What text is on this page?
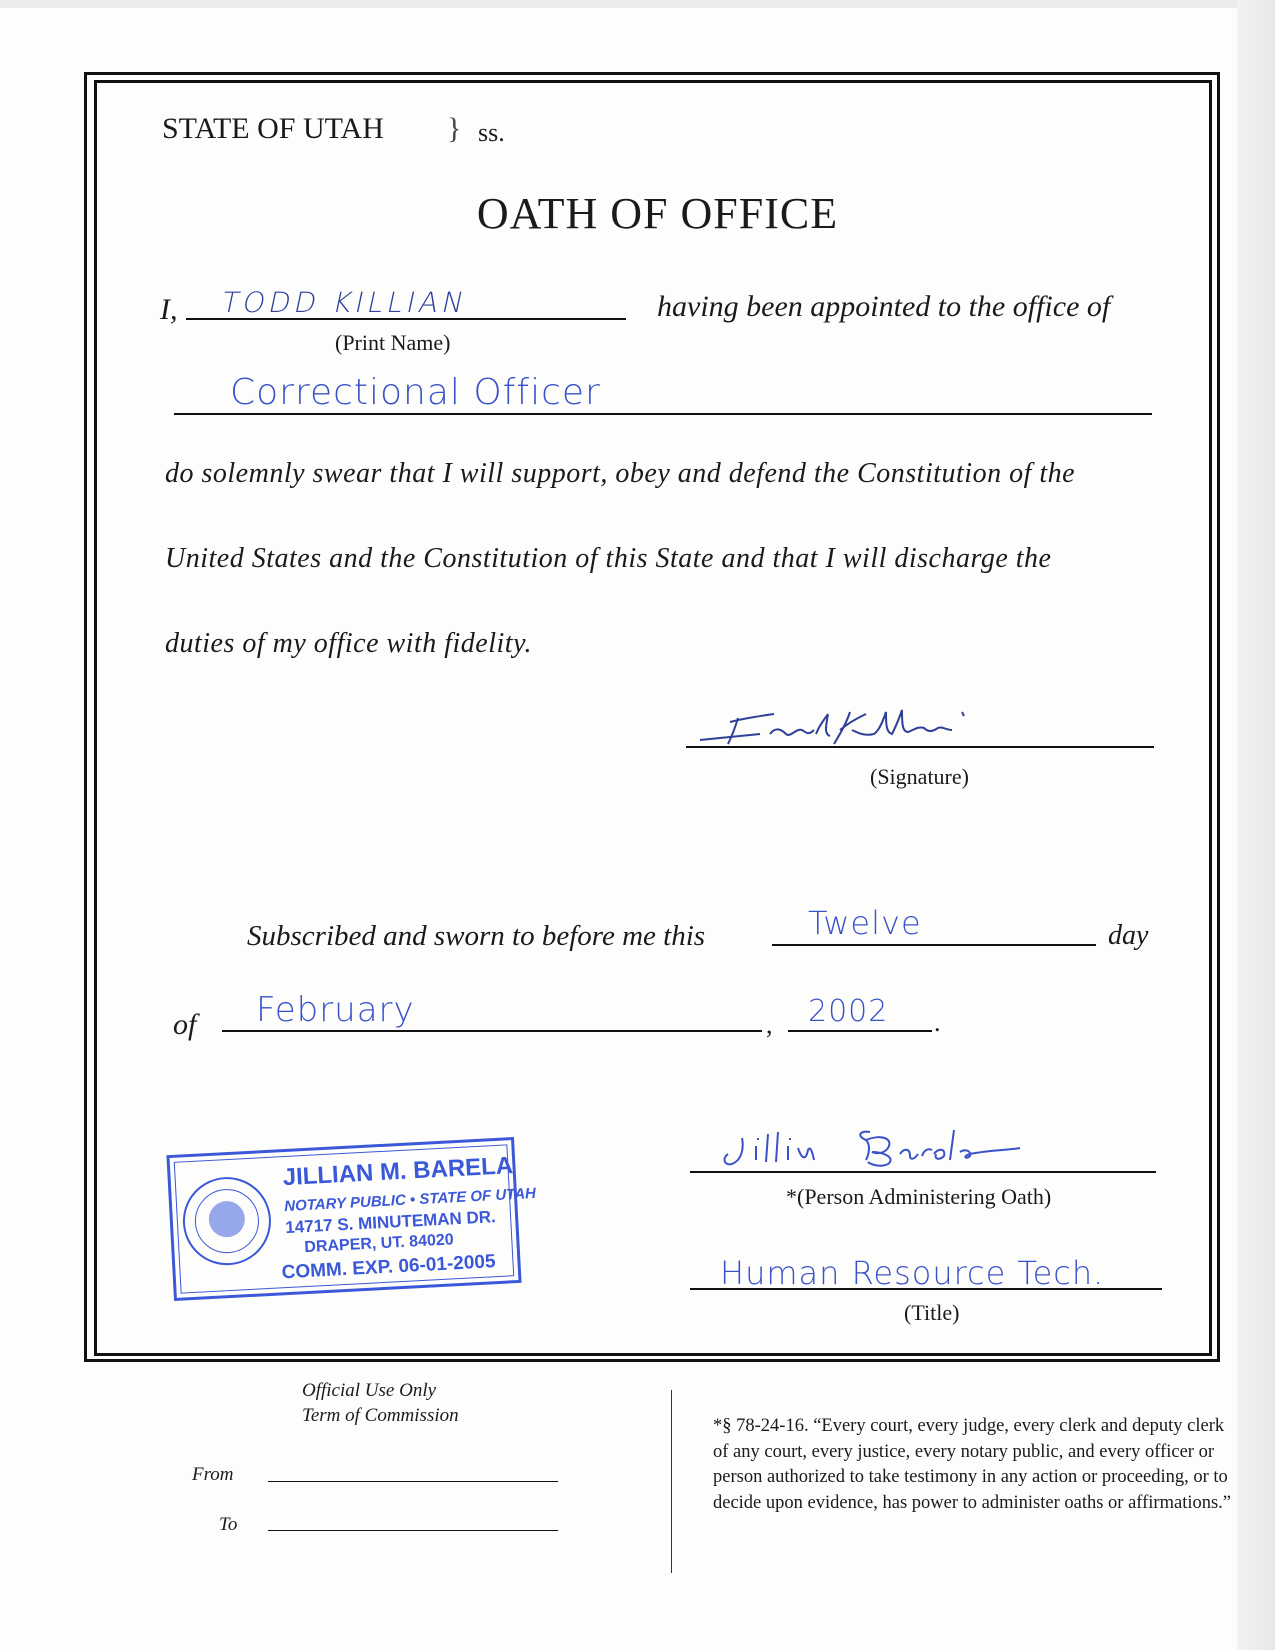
STATE OF UTAH } ss.
OATH OF OFFICE
I, TODD KILLIAN	having been appointed to the office of
(Print Name)
Correctional Officer
do solemnly swear that I will support, obey and defend the Constitution of the
United States and the Constitution of this State and that I will discharge the
duties of my office with fidelity.
(Signature)
Subscribed and sworn to before me this	Twelve	day
of February	, 2002 .
*(Person Administering Oath)
Human Resource Tech.
(Title)
JILLIAN M. BARELA
NOTARY PUBLIC • STATE OF UTAH
14717 S. MINUTEMAN DR.
DRAPER, UT. 84020
COMM. EXP. 06-01-2005
Official Use Only
Term of Commission
From
To
*§ 78-24-16. “Every court, every judge, every clerk and deputy clerk of any court, every justice, every notary public, and every officer or person authorized to take testimony in any action or proceeding, or to decide upon evidence, has power to administer oaths or affirmations.”
